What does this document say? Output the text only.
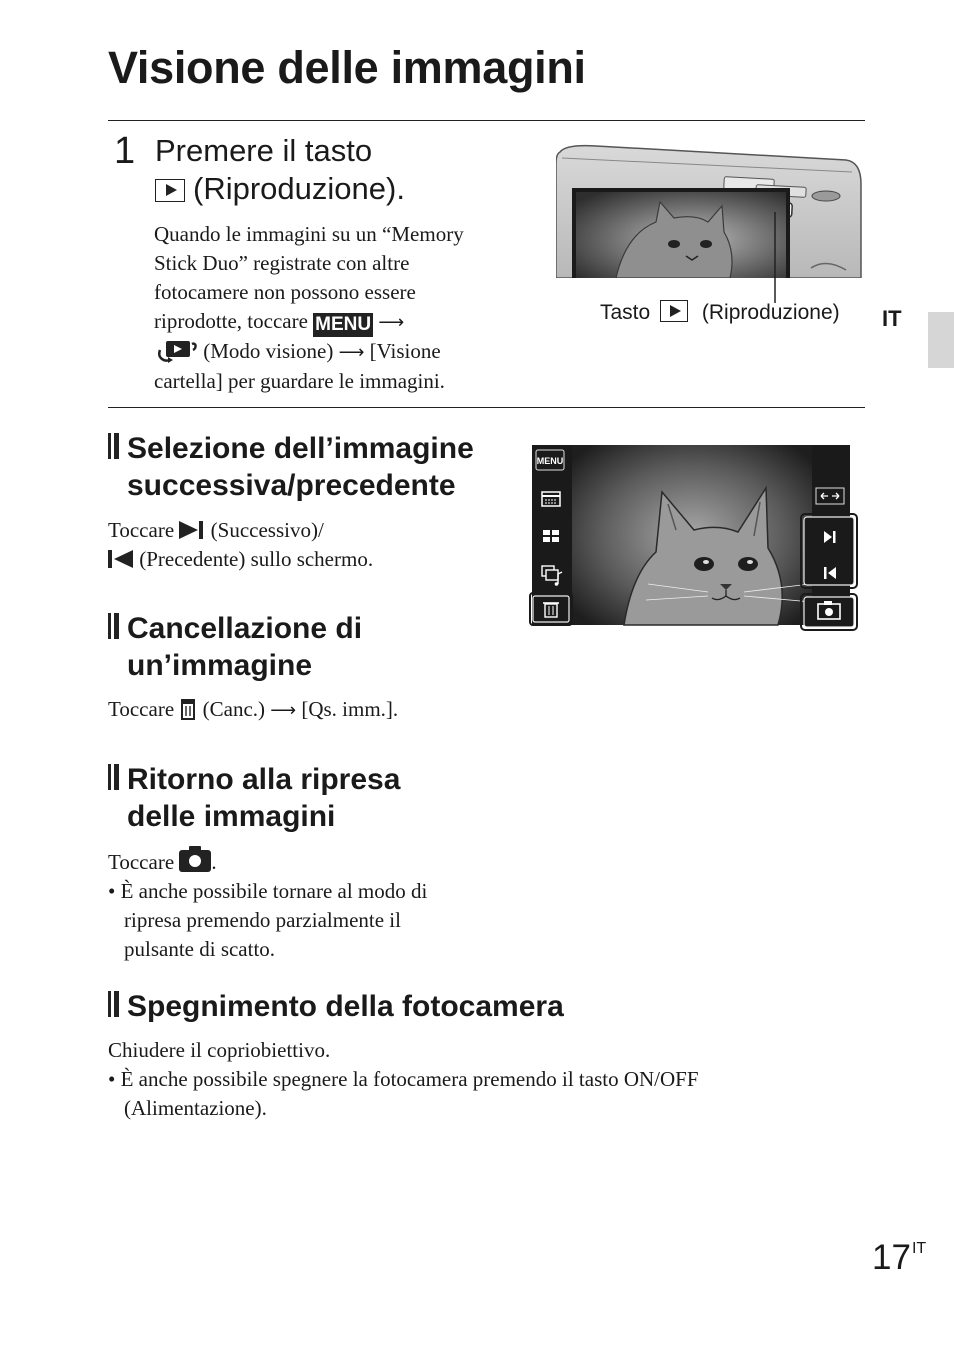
Visione delle immagini
1 Premere il tasto
(Riproduzione).
Quando le immagini su un “Memory
Stick Duo” registrate con altre
fotocamere non possono essere
riprodotte, toccare MENU ⟶
(Modo visione) ⟶ [Visione
cartella] per guardare le immagini.
Tasto (Riproduzione) IT
Selezione dell’immagine
successiva/precedente
Toccare (Successivo)/
(Precedente) sullo schermo.
MENU
Cancellazione di
un’immagine
Toccare (Canc.) ⟶ [Qs. imm.].
Ritorno alla ripresa
delle immagini
Toccare .
• È anche possibile tornare al modo di
ripresa premendo parzialmente il
pulsante di scatto.
Spegnimento della fotocamera
Chiudere il copriobiettivo.
• È anche possibile spegnere la fotocamera premendo il tasto ON/OFF
(Alimentazione).
$17^{IT}$
